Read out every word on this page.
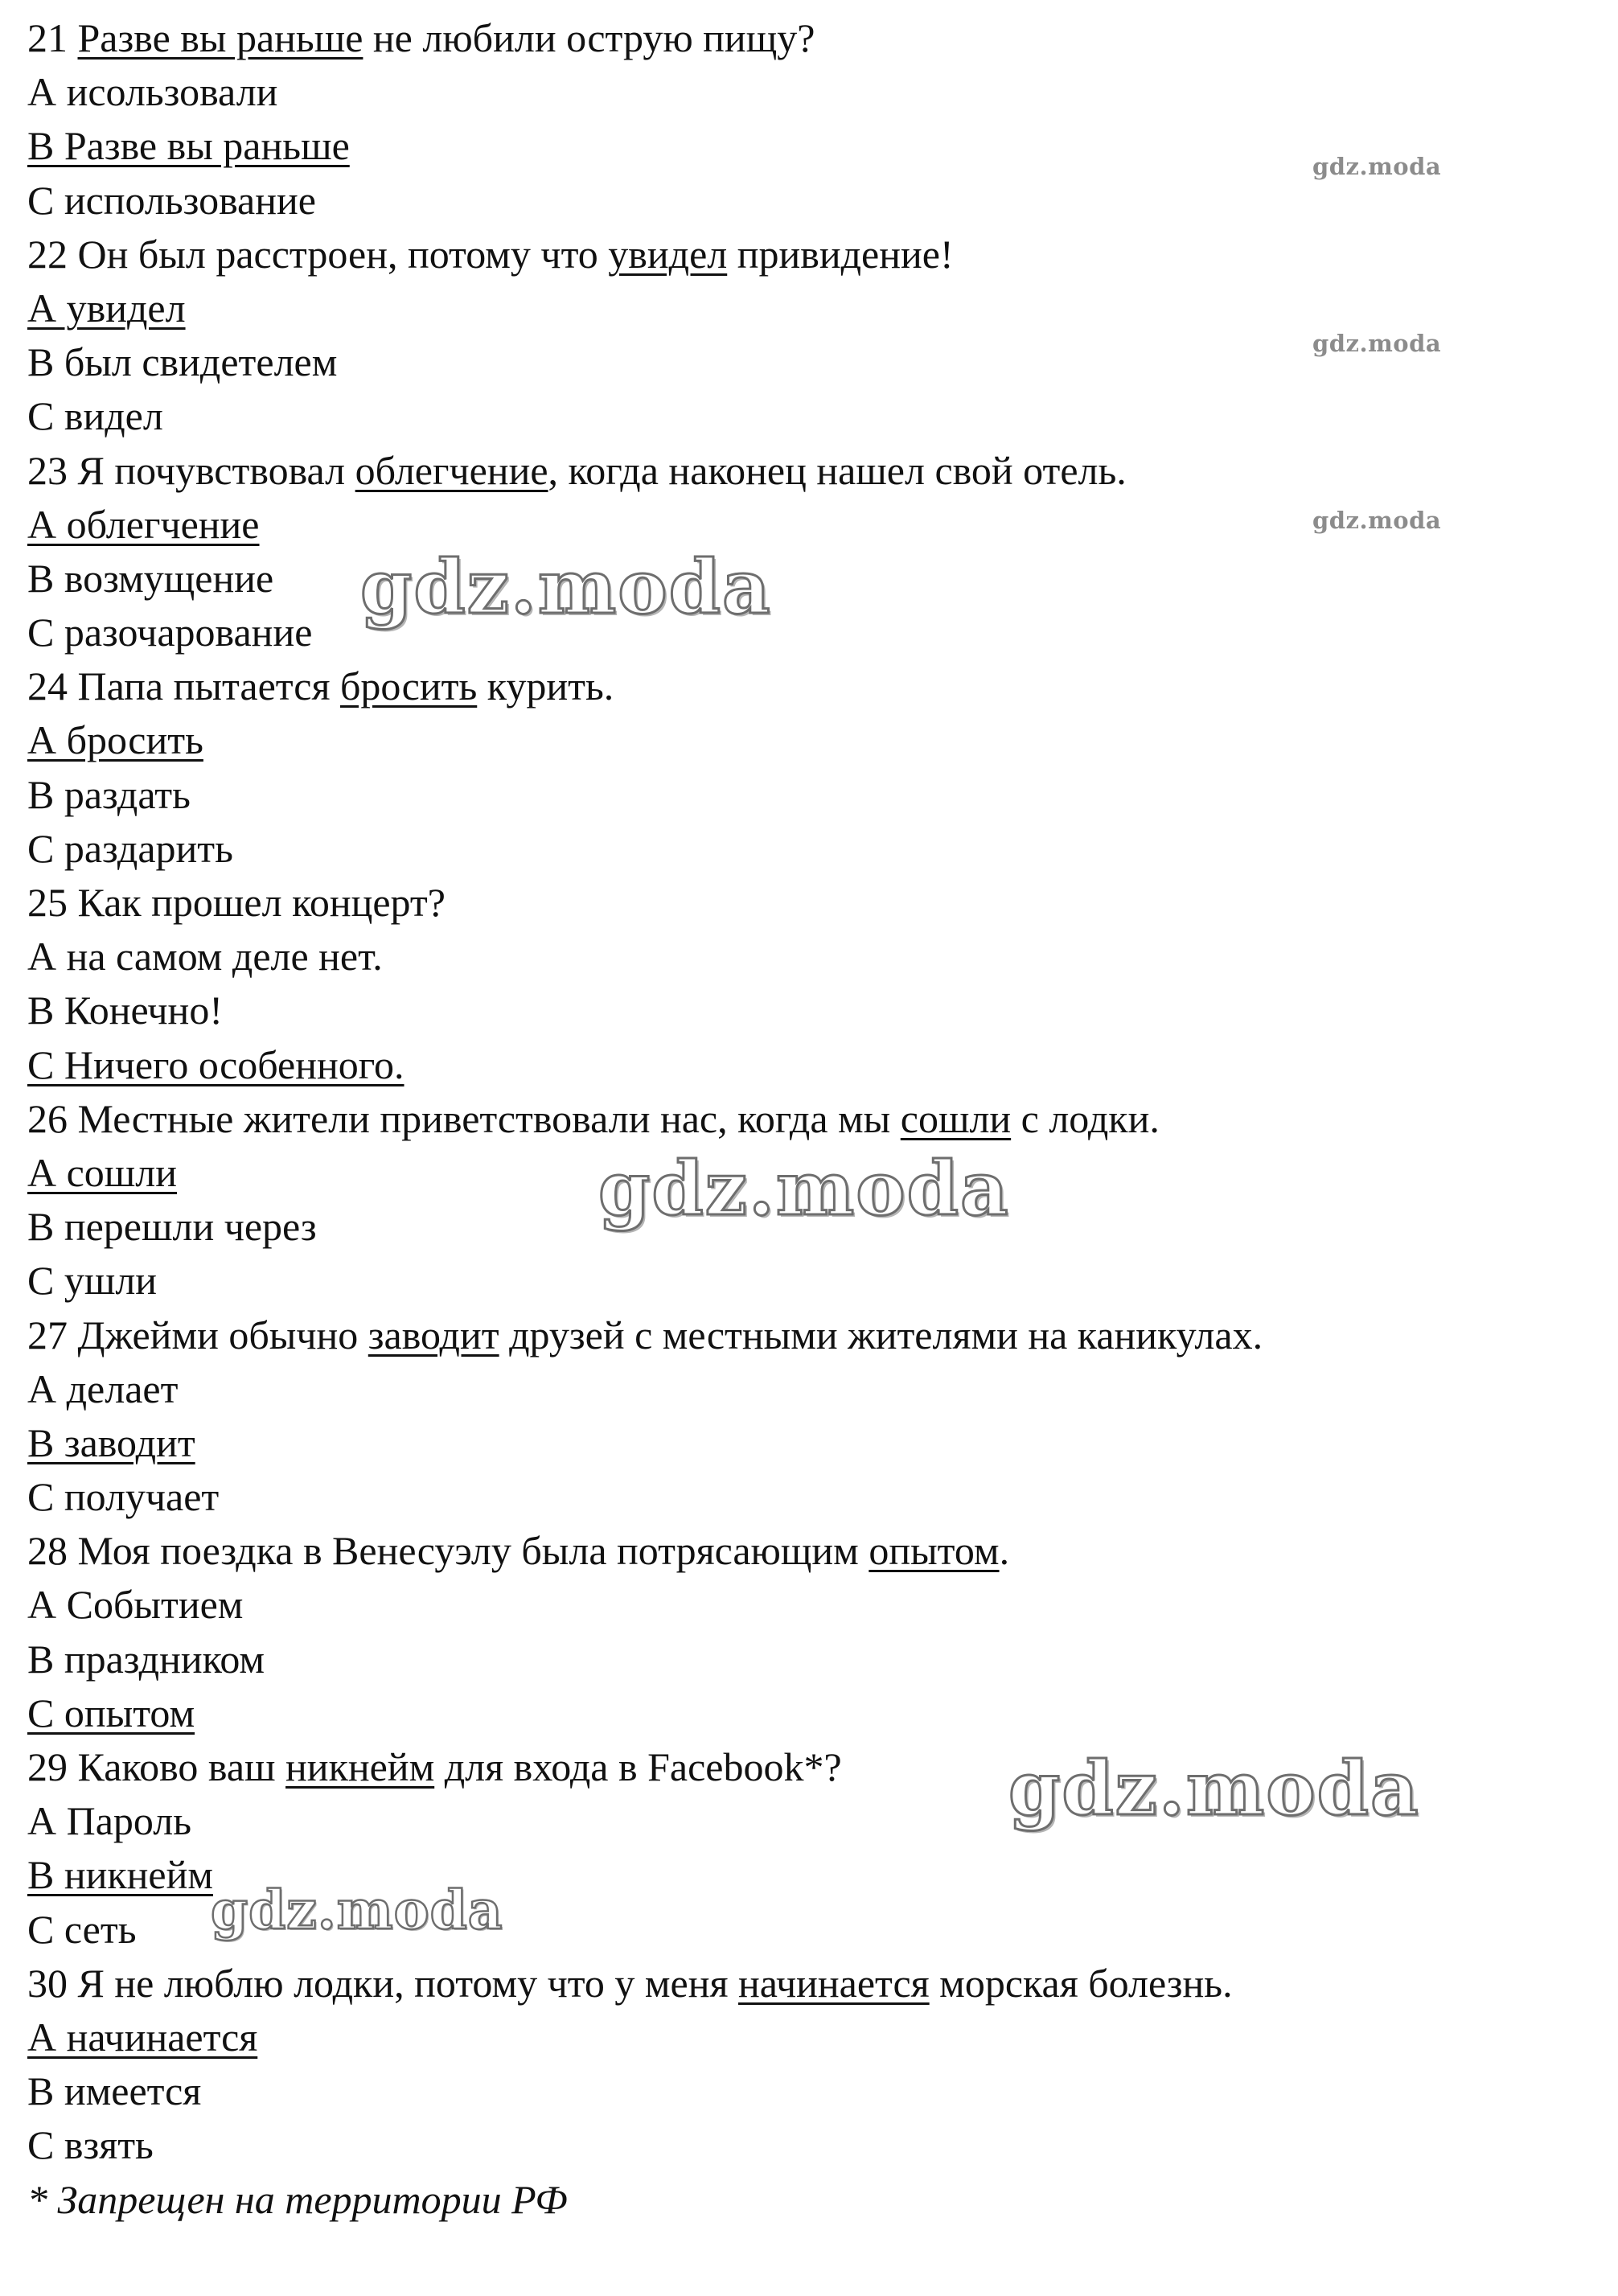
21 Разве вы раньше не любили острую пищу?
А исользовали
В Разве вы раньше
С использование
22 Он был расстроен, потому что увидел привидение!
А увидел
В был свидетелем
С видел
23 Я почувствовал облегчение, когда наконец нашел свой отель.
А облегчение
В возмущение
С разочарование
24 Папа пытается бросить курить.
А бросить
В раздать
С раздарить
25 Как прошел концерт?
А на самом деле нет.
В Конечно!
С Ничего особенного.
26 Местные жители приветствовали нас, когда мы сошли с лодки.
А сошли
В перешли через
С ушли
27 Джейми обычно заводит друзей с местными жителями на каникулах.
А делает
В заводит
С получает
28 Моя поездка в Венесуэлу была потрясающим опытом.
А Событием
В праздником
С опытом
29 Каково ваш никнейм для входа в Facebook*?
А Пароль
В никнейм
С сеть
30 Я не люблю лодки, потому что у меня начинается морская болезнь.
А начинается
В имеется
С взять
* Запрещен на территории РФ
gdz.moda
gdz.moda
gdz.moda
gdz.moda
gdz.moda
gdz.moda
gdz.moda
